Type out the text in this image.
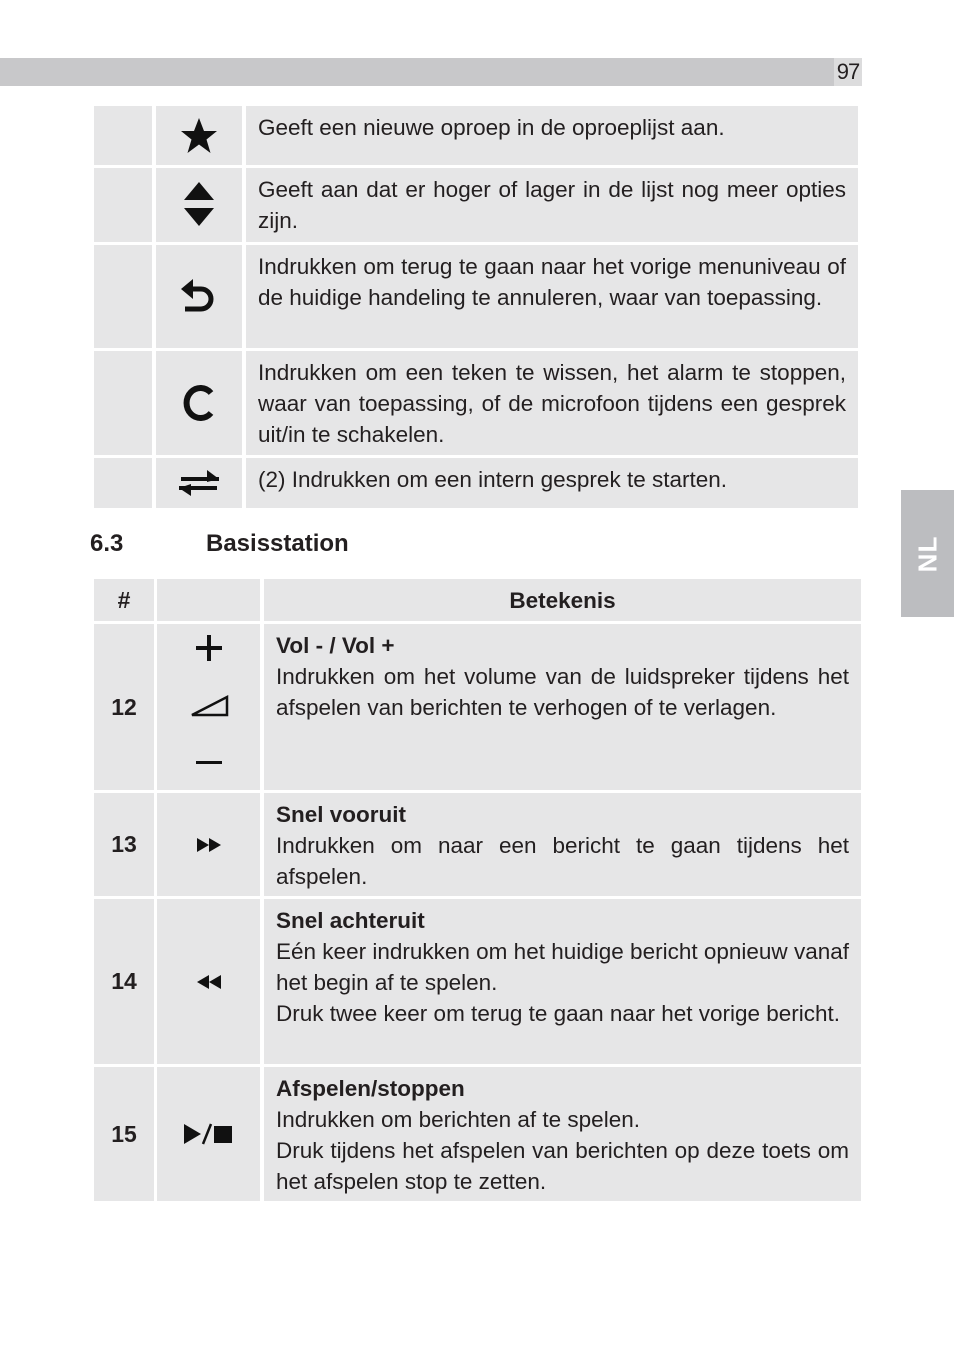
97
NL
Geeft een nieuwe oproep in de oproeplijst aan.
Geeft aan dat er hoger of lager in de lijst nog meer opties zijn.
Indrukken om terug te gaan naar het vorige menuniveau of de huidige handeling te annuleren, waar van toepassing.
Indrukken om een teken te wissen, het alarm te stoppen, waar van toepassing, of de microfoon tijdens een gesprek uit/in te schakelen.
(2) Indrukken om een intern gesprek te starten.
6.3	Basisstation
#	Betekenis
12
Vol - / Vol +
Indrukken om het volume van de luidspreker tijdens het afspelen van berichten te verhogen of te verlagen.
13
Snel vooruit
Indrukken om naar een bericht te gaan tijdens het afspelen.
14
Snel achteruit
Eén keer indrukken om het huidige bericht opnieuw vanaf het begin af te spelen.
Druk twee keer om terug te gaan naar het vorige bericht.
15
Afspelen/stoppen
Indrukken om berichten af te spelen.
Druk tijdens het afspelen van berichten op deze toets om het afspelen stop te zetten.
